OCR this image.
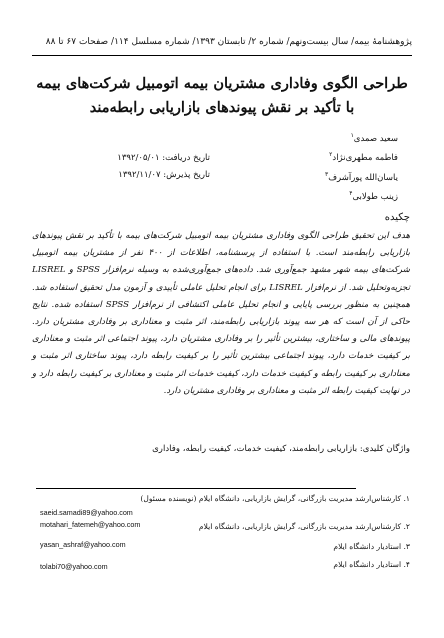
پژوهشنامهٔ بیمه/ سال بیست‌ونهم/ شماره ۲/ تابستان ۱۳۹۳/ شماره مسلسل ۱۱۴/ صفحات ۶۷ تا ۸۸
طراحی الگوی وفاداری مشتریان بیمه اتومبیل شرکت‌های بیمه با تأکید بر نقش پیوندهای بازاریابی رابطه‌مند
سعید صمدی$^۱$
فاطمه مطهری‌نژاد$^۲$
یاسان‌الله پورآشرف$^۳$
زینب طولابی$^۴$
تاریخ دریافت: ۱۳۹۲/۰۵/۰۱
تاریخ پذیرش: ۱۳۹۲/۱۱/۰۷
چکیده
هدف این تحقیق طراحی الگوی وفاداری مشتریان بیمه اتومبیل شرکت‌های بیمه با تأکید بر نقش پیوندهای بازاریابی رابطه‌مند است. با استفاده از پرسشنامه، اطلاعات از ۴۰۰ نفر از مشتریان بیمه اتومبیل شرکت‌های بیمه شهر مشهد جمع‌آوری شد. داده‌های جمع‌آوری‌شده به وسیله نرم‌افزار SPSS و LISREL تجزیه‌وتحلیل شد. از نرم‌افزار LISREL برای انجام تحلیل عاملی تأییدی و آزمون مدل تحقیق استفاده شد. همچنین به منظور بررسی پایایی و انجام تحلیل عاملی اکتشافی از نرم‌افزار SPSS استفاده شده. نتایج حاکی از آن است که هر سه پیوند بازاریابی رابطه‌مند، اثر مثبت و معناداری بر وفاداری مشتریان دارد. پیوندهای مالی و ساختاری، بیشترین تأثیر را بر وفاداری مشتریان دارد، پیوند اجتماعی اثر مثبت و معناداری بر کیفیت خدمات دارد، پیوند اجتماعی بیشترین تأثیر را بر کیفیت رابطه دارد، پیوند ساختاری اثر مثبت و معناداری بر کیفیت رابطه و کیفیت خدمات دارد، کیفیت خدمات اثر مثبت و معناداری بر کیفیت رابطه دارد و در نهایت کیفیت رابطه اثر مثبت و معناداری بر وفاداری مشتریان دارد.
واژگان کلیدی: بازاریابی رابطه‌مند، کیفیت خدمات، کیفیت رابطه، وفاداری
۱. کارشناس‌ارشد مدیریت بازرگانی، گرایش بازاریابی، دانشگاه ایلام (نویسنده مسئول)
saeid.samadi89@yahoo.com
۲. کارشناس‌ارشد مدیریت بازرگانی، گرایش بازاریابی، دانشگاه ایلام
motahari_fatemeh@yahoo.com
۳. استادیار دانشگاه ایلام
yasan_ashraf@yahoo.com
۴. استادیار دانشگاه ایلام
tolabi70@yahoo.com
